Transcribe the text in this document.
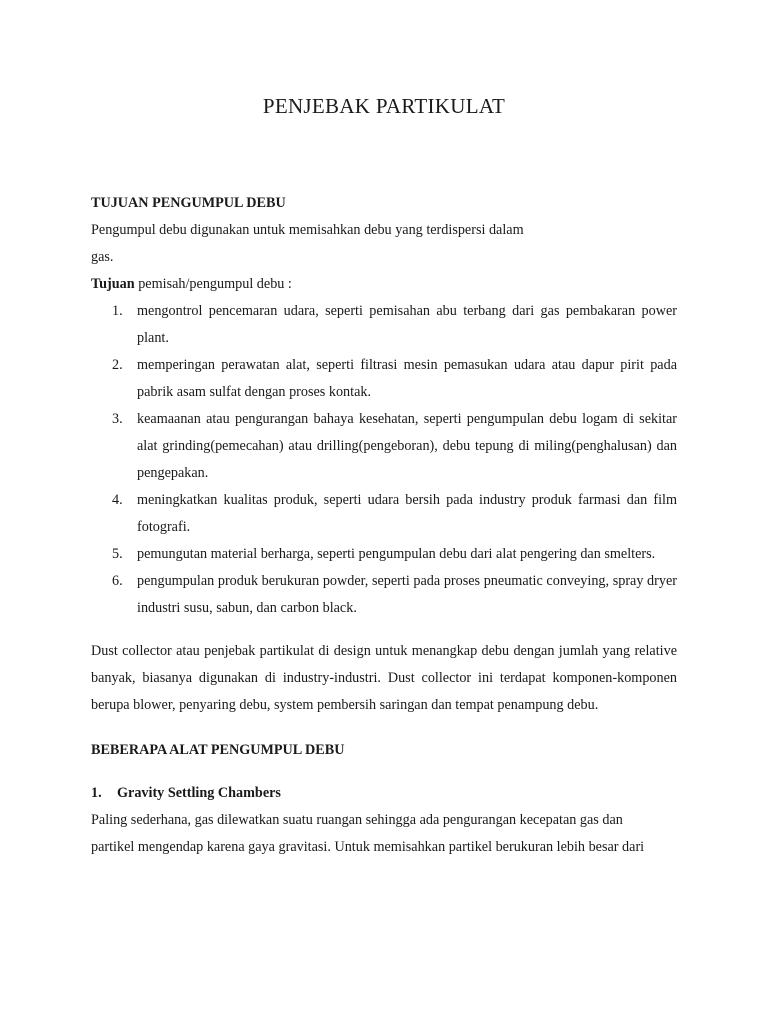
PENJEBAK PARTIKULAT

TUJUAN PENGUMPUL DEBU

Pengumpul debu digunakan untuk memisahkan debu yang terdispersi dalam

gas.

Tujuan pemisah/pengumpul debu :

1. mengontrol pencemaran udara, seperti pemisahan abu terbang dari gas pembakaran power plant.
2. memperingan perawatan alat, seperti filtrasi mesin pemasukan udara atau dapur pirit pada pabrik asam sulfat dengan proses kontak.
3. keamaanan atau pengurangan bahaya kesehatan, seperti pengumpulan debu logam di sekitar alat grinding(pemecahan) atau drilling(pengeboran), debu tepung di miling(penghalusan) dan pengepakan.
4. meningkatkan kualitas produk, seperti udara bersih pada industry produk farmasi dan film fotografi.
5. pemungutan material berharga, seperti pengumpulan debu dari alat pengering dan smelters.
6. pengumpulan produk berukuran powder, seperti pada proses pneumatic conveying, spray dryer industri susu, sabun, dan carbon black.

Dust collector atau penjebak partikulat di design untuk menangkap debu dengan jumlah yang relative banyak, biasanya digunakan di industry-industri. Dust collector ini terdapat komponen-komponen berupa blower, penyaring debu, system pembersih saringan dan tempat penampung debu.

BEBERAPA ALAT PENGUMPUL DEBU

1. Gravity Settling Chambers

Paling sederhana, gas dilewatkan suatu ruangan sehingga ada pengurangan kecepatan gas dan

partikel mengendap karena gaya gravitasi. Untuk memisahkan partikel berukuran lebih besar dari
